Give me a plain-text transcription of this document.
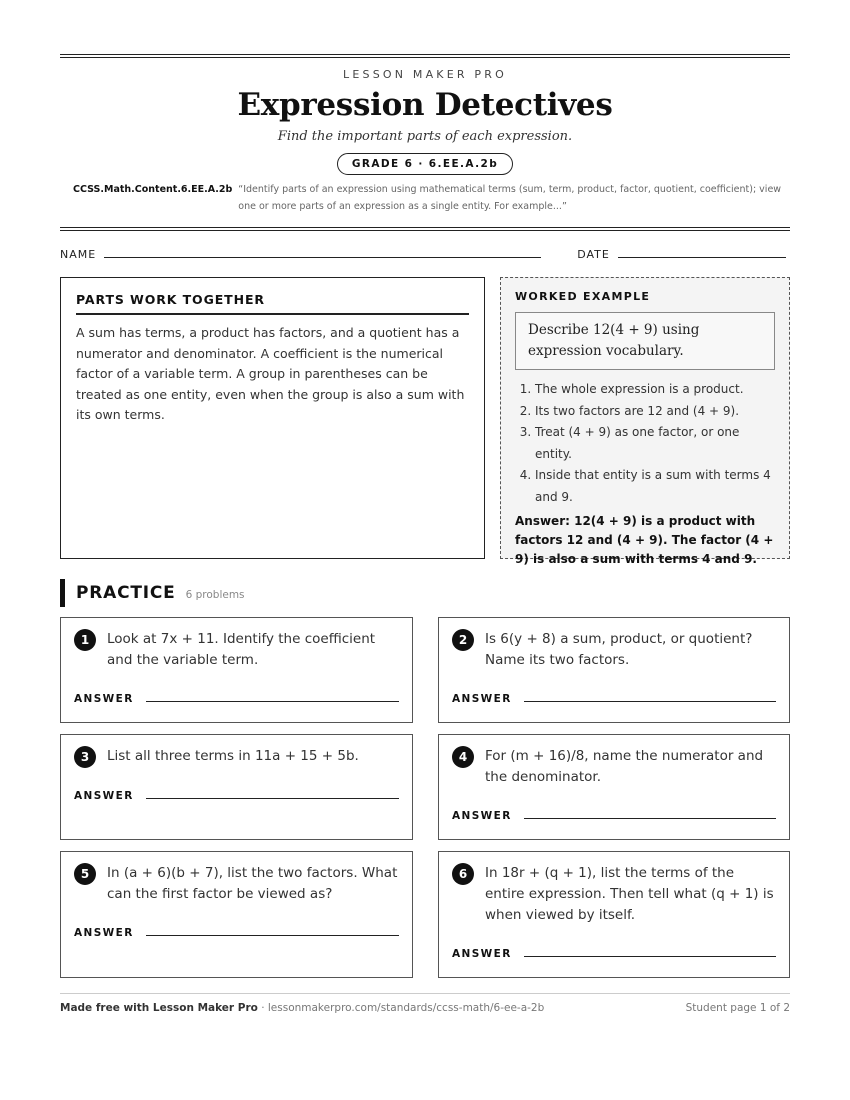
LESSON MAKER PRO
Expression Detectives
Find the important parts of each expression.
GRADE 6 · 6.EE.A.2b
CCSS.Math.Content.6.EE.A.2b “Identify parts of an expression using mathematical terms (sum, term, product, factor, quotient, coefficient); view one or more parts of an expression as a single entity. For example...”
NAME	DATE
PARTS WORK TOGETHER
A sum has terms, a product has factors, and a quotient has a numerator and denominator. A coefficient is the numerical factor of a variable term. A group in parentheses can be treated as one entity, even when the group is also a sum with its own terms.
WORKED EXAMPLE
Describe 12(4 + 9) using expression vocabulary.
1. The whole expression is a product.
2. Its two factors are 12 and (4 + 9).
3. Treat (4 + 9) as one factor, or one entity.
4. Inside that entity is a sum with terms 4 and 9.
Answer: 12(4 + 9) is a product with factors 12 and (4 + 9). The factor (4 + 9) is also a sum with terms 4 and 9.
PRACTICE 6 problems
1	Look at 7x + 11. Identify the coefficient and the variable term.
ANSWER
2	Is 6(y + 8) a sum, product, or quotient? Name its two factors.
ANSWER
3	List all three terms in 11a + 15 + 5b.
ANSWER
4	For (m + 16)/8, name the numerator and the denominator.
ANSWER
5	In (a + 6)(b + 7), list the two factors. What can the first factor be viewed as?
ANSWER
6	In 18r + (q + 1), list the terms of the entire expression. Then tell what (q + 1) is when viewed by itself.
ANSWER
Made free with Lesson Maker Pro · lessonmakerpro.com/standards/ccss-math/6-ee-a-2b	Student page 1 of 2
